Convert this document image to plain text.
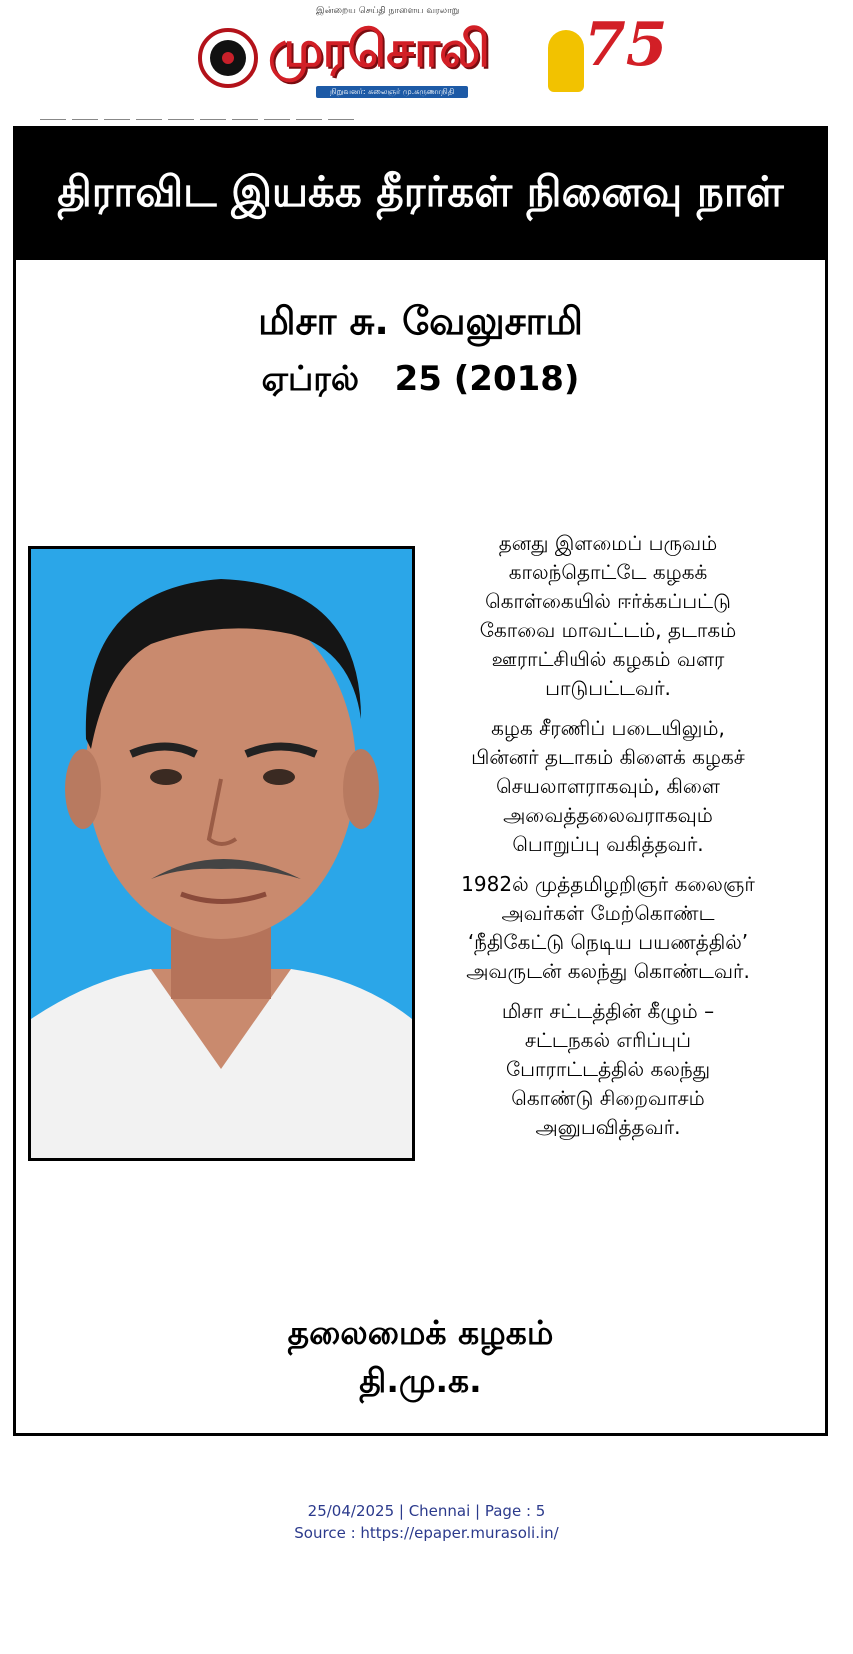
இன்றைய செய்தி நாளைய வரலாறு
முரசொலி
நிறுவனர்: கலைஞர் மு.கருணாநிதி
75
திராவிட இயக்க தீரர்கள் நினைவு நாள்
மிசா சு. வேலுசாமி
ஏப்ரல்   25 (2018)

தனது இளமைப் பருவம்
காலந்தொட்டே கழகக்
கொள்கையில் ஈர்க்கப்பட்டு
கோவை மாவட்டம், தடாகம்
ஊராட்சியில் கழகம் வளர
பாடுபட்டவர்.

கழக சீரணிப் படையிலும்,
பின்னர் தடாகம் கிளைக் கழகச்
செயலாளராகவும், கிளை
அவைத்தலைவராகவும்
பொறுப்பு வகித்தவர்.

1982ல் முத்தமிழறிஞர் கலைஞர்
அவர்கள் மேற்கொண்ட
‘நீதிகேட்டு நெடிய பயணத்தில்’
அவருடன் கலந்து கொண்டவர்.

மிசா சட்டத்தின் கீழும் –
சட்டநகல் எரிப்புப்
போராட்டத்தில் கலந்து
கொண்டு சிறைவாசம்
அனுபவித்தவர்.

தலைமைக் கழகம்
தி.மு.க.
25/04/2025 | Chennai | Page : 5
Source : https://epaper.murasoli.in/
